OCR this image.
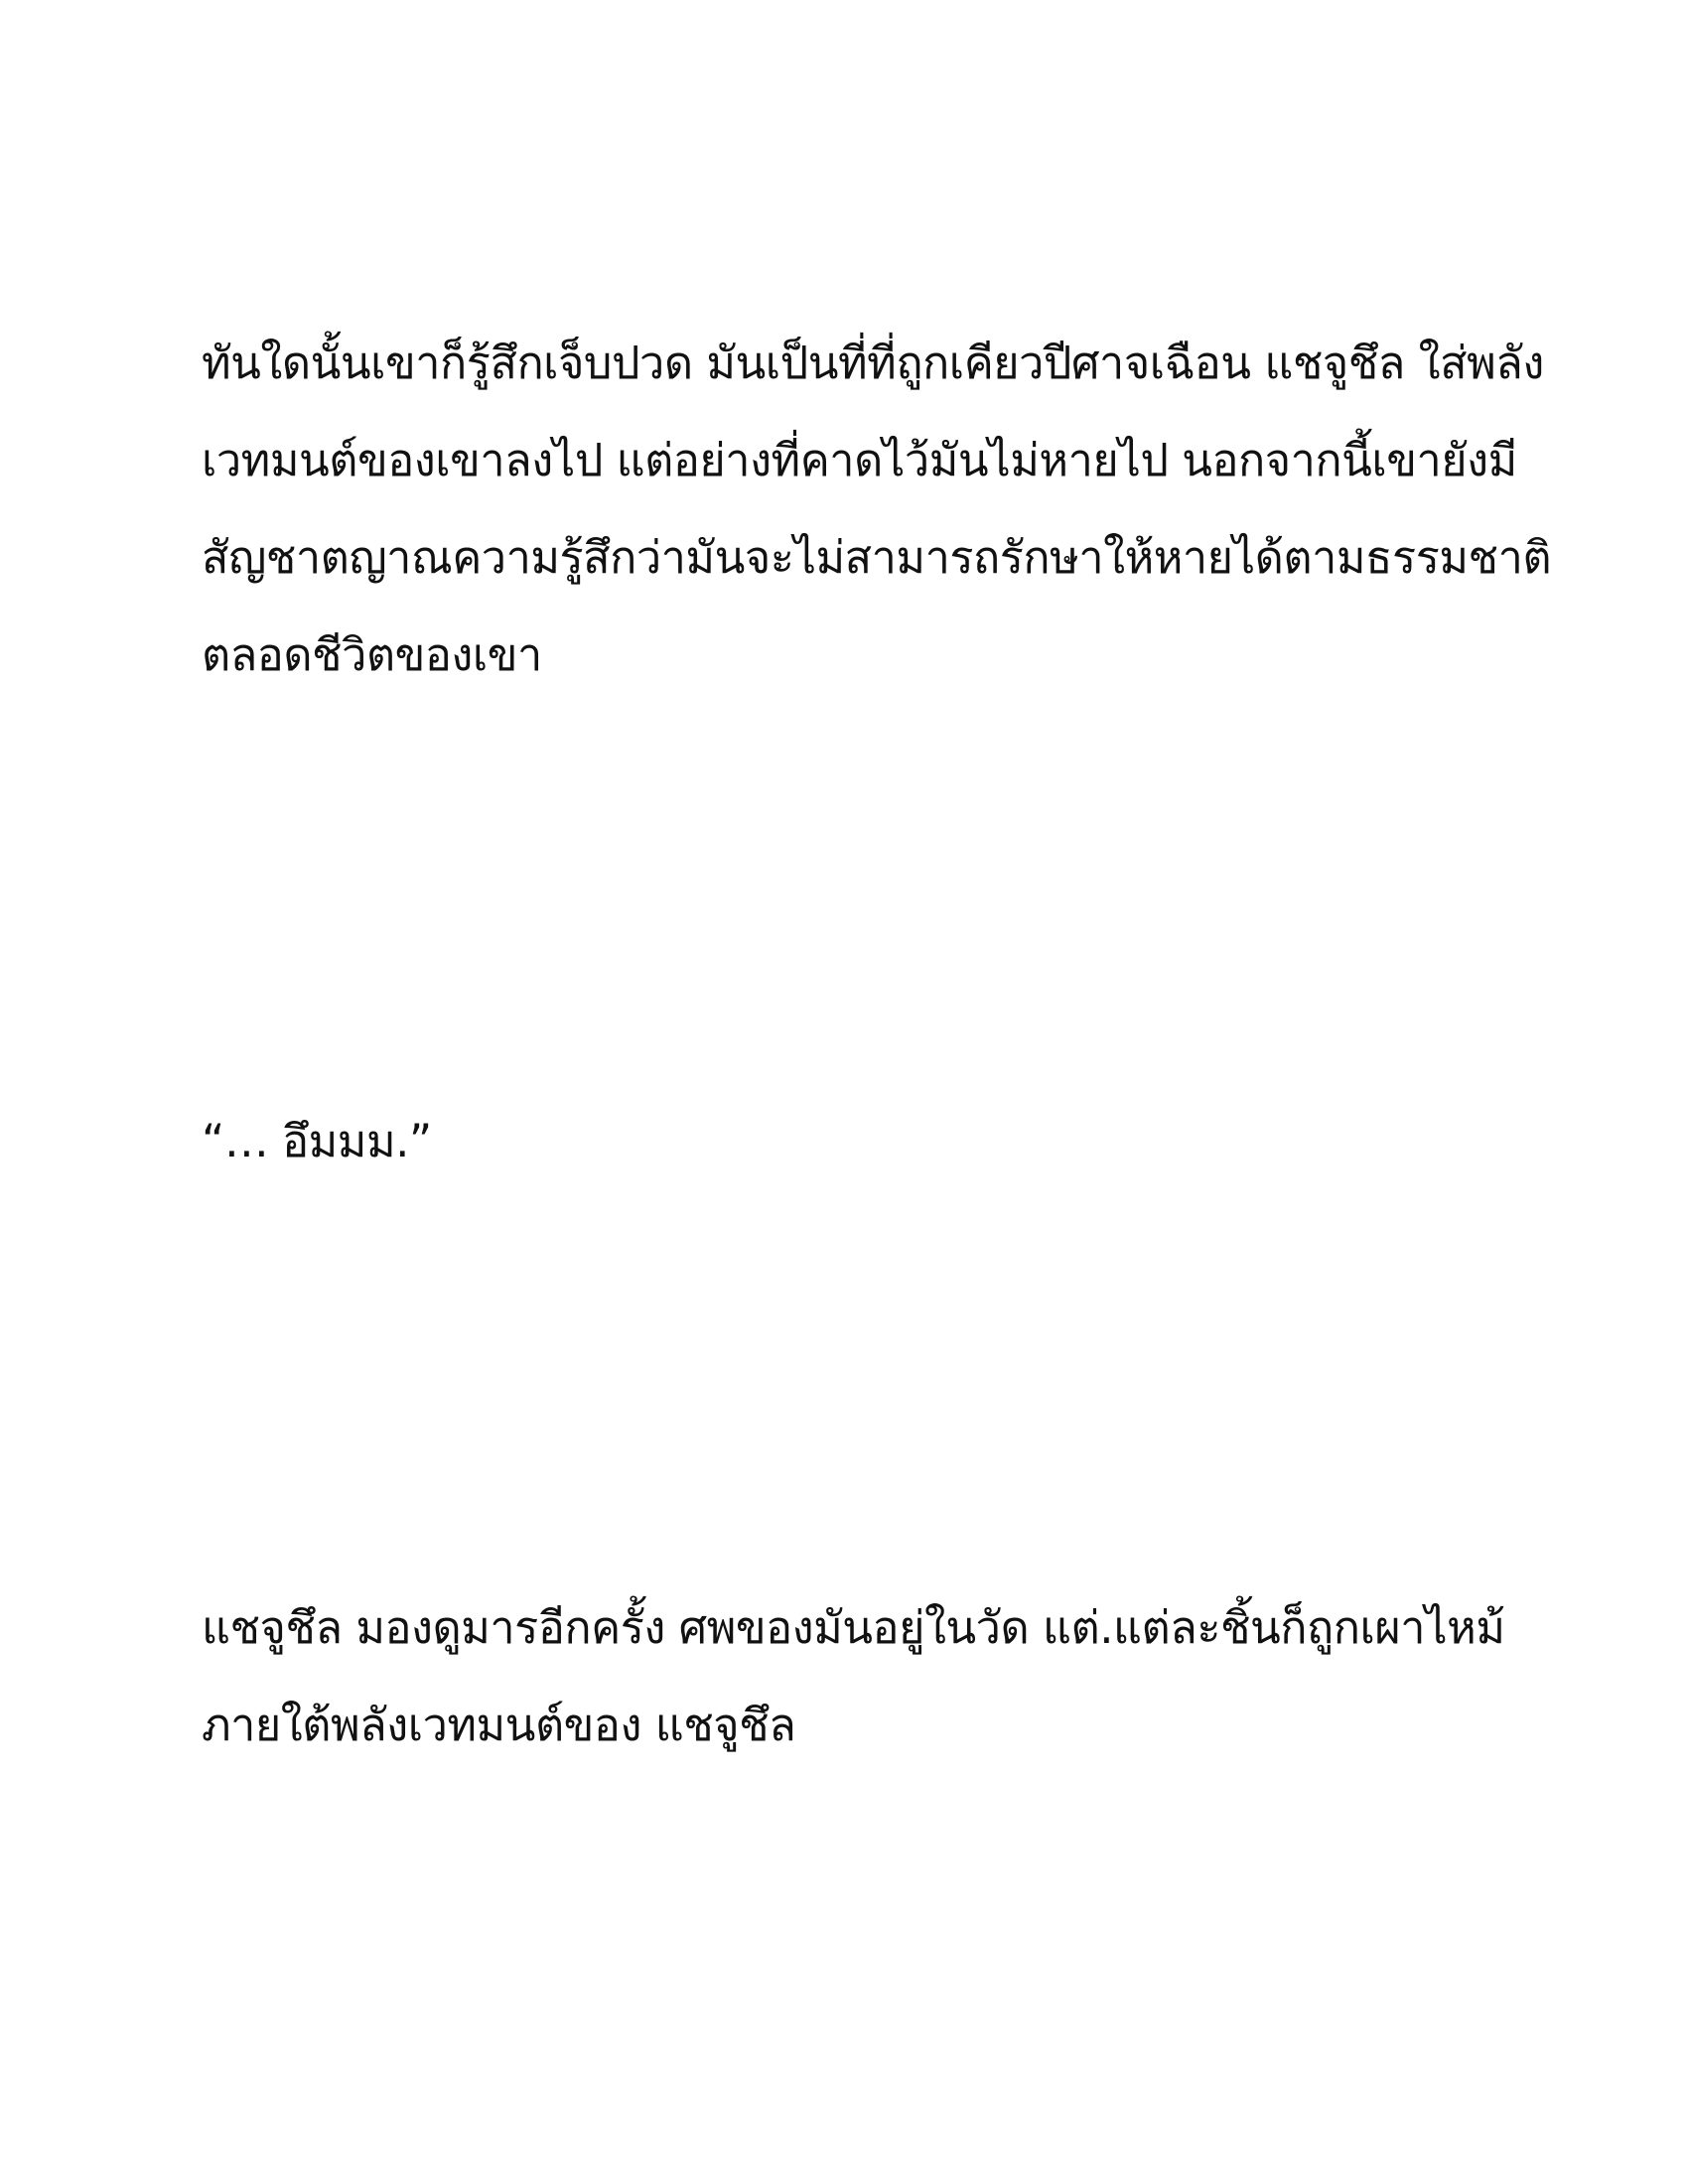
ทันใดนั้นเขาก็รู้สึกเจ็บปวด มันเป็นที่ที่ถูกเคียวปีศาจเฉือน แชจูชึล ใส่พลัง

เวทมนต์ของเขาลงไป แต่อย่างที่คาดไว้มันไม่หายไป นอกจากนี้เขายังมี

สัญชาตญาณความรู้สึกว่ามันจะไม่สามารถรักษาให้หายได้ตามธรรมชาติ

ตลอดชีวิตของเขา

“… อึมมม.”

แชจูชึล มองดูมารอีกครั้ง ศพของมันอยู่ในวัด แต่.แต่ละชิ้นก็ถูกเผาไหม้

ภายใต้พลังเวทมนต์ของ แชจูชึล
